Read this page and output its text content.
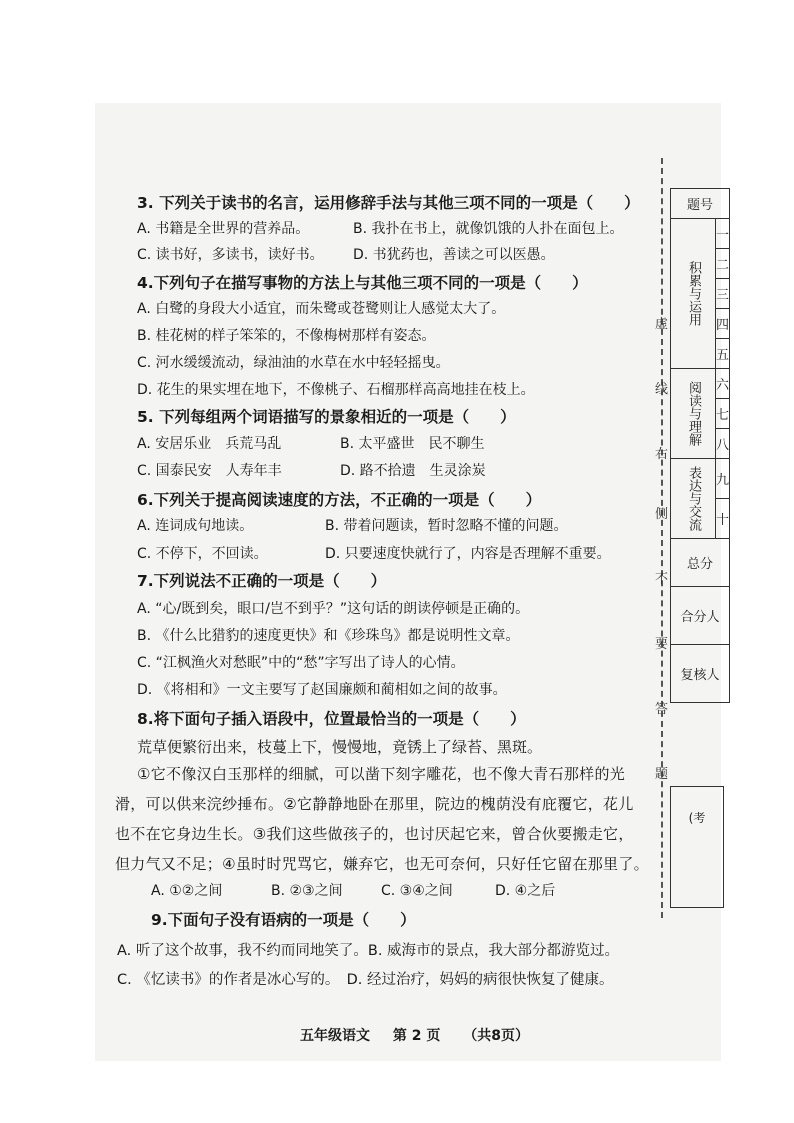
3. 下列关于读书的名言，运用修辞手法与其他三项不同的一项是（　　）
A. 书籍是全世界的营养品。	B. 我扑在书上，就像饥饿的人扑在面包上。
C. 读书好，多读书，读好书。 D. 书犹药也，善读之可以医愚。
4.下列句子在描写事物的方法上与其他三项不同的一项是（　　）
A. 白鹭的身段大小适宜，而朱鹭或苍鹭则让人感觉太大了。
B. 桂花树的样子笨笨的，不像梅树那样有姿态。
C. 河水缓缓流动，绿油油的水草在水中轻轻摇曳。
D. 花生的果实埋在地下，不像桃子、石榴那样高高地挂在枝上。
5. 下列每组两个词语描写的景象相近的一项是（　　）
A. 安居乐业　兵荒马乱	B. 太平盛世　民不聊生
C. 国泰民安　人寿年丰	D. 路不拾遗　生灵涂炭
6.下列关于提高阅读速度的方法，不正确的一项是（　　）
A. 连词成句地读。	B. 带着问题读，暂时忽略不懂的问题。
C. 不停下，不回读。	D. 只要速度快就行了，内容是否理解不重要。
7.下列说法不正确的一项是（　　）
A. “心/既到矣，眼口/岂不到乎？”这句话的朗读停顿是正确的。
B. 《什么比猎豹的速度更快》和《珍珠鸟》都是说明性文章。
C. “江枫渔火对愁眠”中的“愁”字写出了诗人的心情。
D. 《将相和》一文主要写了赵国廉颇和蔺相如之间的故事。
8.将下面句子插入语段中，位置最恰当的一项是（　　）
荒草便繁衍出来，枝蔓上下，慢慢地，竟锈上了绿苔、黑斑。
①它不像汉白玉那样的细腻，可以凿下刻字雕花，也不像大青石那样的光
滑，可以供来浣纱捶布。②它静静地卧在那里，院边的槐荫没有庇覆它，花儿
也不在它身边生长。③我们这些做孩子的，也讨厌起它来，曾合伙要搬走它，
但力气又不足；④虽时时咒骂它，嫌弃它，也无可奈何，只好任它留在那里了。
A. ①②之间	B. ②③之间	C. ③④之间	D. ④之后
9.下面句子没有语病的一项是（　　）
A. 听了这个故事，我不约而同地笑了。B. 威海市的景点，我大部分都游览过。
C. 《忆读书》的作者是冰心写的。　D. 经过治疗，妈妈的病很快恢复了健康。
五年级语文 第 2 页 （共8页）
虚
线
右
侧
不
要
答
题
题号	
积累与运用	一
	二
	三
	四
	五
阅读与理解	六
	七
	八
表达与交流	九
	十
总分	
合分人	
复核人	
(考
